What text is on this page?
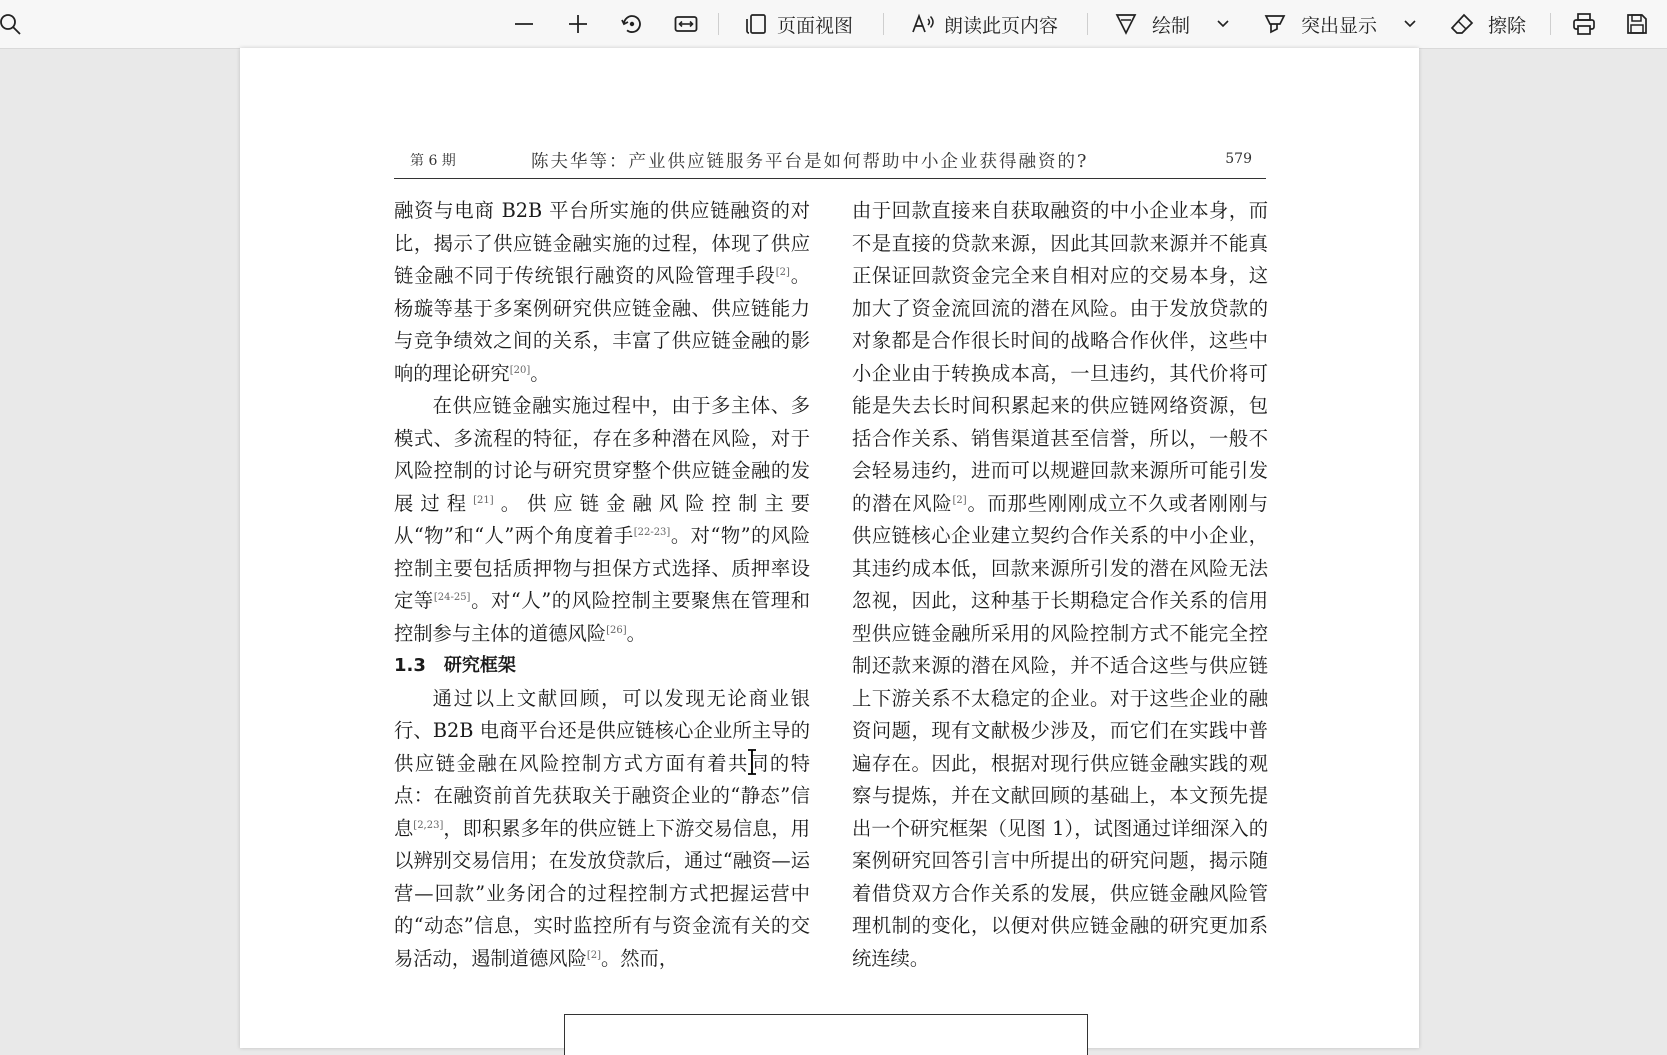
页面视图	朗读此页内容	绘制	突出显示	擦除
第 6 期	陈夫华等：产业供应链服务平台是如何帮助中小企业获得融资的?	579

融资与电商 B2B 平台所实施的供应链融资的对比，揭示了供应链金融实施的过程，体现了供应链金融不同于传统银行融资的风险管理手段[2]。杨璇等基于多案例研究供应链金融、供应链能力与竞争绩效之间的关系，丰富了供应链金融的影响的理论研究[20]。

在供应链金融实施过程中，由于多主体、多模式、多流程的特征，存在多种潜在风险，对于风险控制的讨论与研究贯穿整个供应链金融的发展过程[21]。供应链金融风险控制主要从“物”和“人”两个角度着手[22-23]。对“物”的风险控制主要包括质押物与担保方式选择、质押率设定等[24-25]。对“人”的风险控制主要聚焦在管理和控制参与主体的道德风险[26]。

1.3 研究框架

通过以上文献回顾，可以发现无论商业银行、B2B 电商平台还是供应链核心企业所主导的供应链金融在风险控制方式方面有着共同的特点：在融资前首先获取关于融资企业的“静态”信息[2,23]，即积累多年的供应链上下游交易信息，用以辨别交易信用；在发放贷款后，通过“融资—运营—回款”业务闭合的过程控制方式把握运营中的“动态”信息，实时监控所有与资金流有关的交易活动，遏制道德风险[2]。然而，

由于回款直接来自获取融资的中小企业本身，而不是直接的贷款来源，因此其回款来源并不能真正保证回款资金完全来自相对应的交易本身，这加大了资金流回流的潜在风险。由于发放贷款的对象都是合作很长时间的战略合作伙伴，这些中小企业由于转换成本高，一旦违约，其代价将可能是失去长时间积累起来的供应链网络资源，包括合作关系、销售渠道甚至信誉，所以，一般不会轻易违约，进而可以规避回款来源所可能引发的潜在风险[2]。而那些刚刚成立不久或者刚刚与供应链核心企业建立契约合作关系的中小企业，其违约成本低，回款来源所引发的潜在风险无法忽视，因此，这种基于长期稳定合作关系的信用型供应链金融所采用的风险控制方式不能完全控制还款来源的潜在风险，并不适合这些与供应链上下游关系不太稳定的企业。对于这些企业的融资问题，现有文献极少涉及，而它们在实践中普遍存在。因此，根据对现行供应链金融实践的观察与提炼，并在文献回顾的基础上，本文预先提出一个研究框架（见图 1），试图通过详细深入的案例研究回答引言中所提出的研究问题，揭示随着借贷双方合作关系的发展，供应链金融风险管理机制的变化，以便对供应链金融的研究更加系统连续。
